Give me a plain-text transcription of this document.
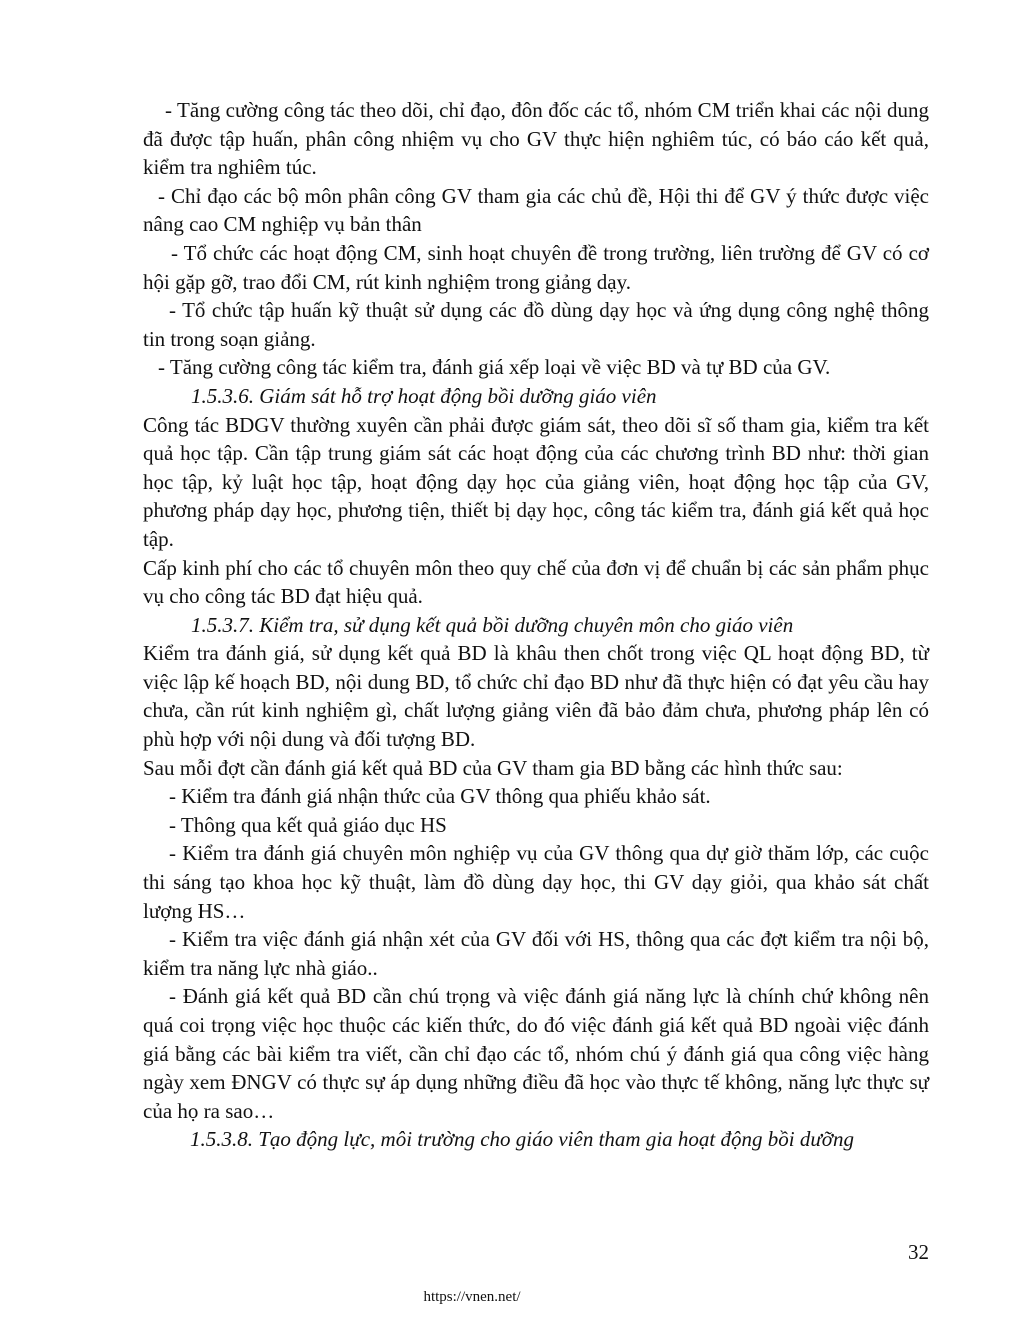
- Tăng cường công tác theo dõi, chỉ đạo, đôn đốc các tổ, nhóm CM triển khai các nội dung đã được tập huấn, phân công nhiệm vụ cho GV thực hiện nghiêm túc, có báo cáo kết quả, kiểm tra nghiêm túc.

- Chỉ đạo các bộ môn phân công GV tham gia các chủ đề, Hội thi để GV ý thức được việc nâng cao CM nghiệp vụ bản thân

- Tổ chức các hoạt động CM, sinh hoạt chuyên đề trong trường, liên trường để GV có cơ hội gặp gỡ, trao đổi CM, rút kinh nghiệm trong giảng dạy.

- Tổ chức tập huấn kỹ thuật sử dụng các đồ dùng dạy học và ứng dụng công nghệ thông tin trong soạn giảng.

- Tăng cường công tác kiểm tra, đánh giá xếp loại về việc BD và tự BD của GV.

1.5.3.6. Giám sát hỗ trợ hoạt động bồi dưỡng giáo viên

Công tác BDGV thường xuyên cần phải được giám sát, theo dõi sĩ số tham gia, kiểm tra kết quả học tập. Cần tập trung giám sát các hoạt động của các chương trình BD như: thời gian học tập, kỷ luật học tập, hoạt động dạy học của giảng viên, hoạt động học tập của GV, phương pháp dạy học, phương tiện, thiết bị dạy học, công tác kiểm tra, đánh giá kết quả học tập.

Cấp kinh phí cho các tổ chuyên môn theo quy chế của đơn vị để chuẩn bị các sản phẩm phục vụ cho công tác BD đạt hiệu quả.

1.5.3.7. Kiểm tra, sử dụng kết quả bồi dưỡng chuyên môn cho giáo viên

Kiểm tra đánh giá, sử dụng kết quả BD là khâu then chốt trong việc QL hoạt động BD, từ việc lập kế hoạch BD, nội dung BD, tổ chức chỉ đạo BD như đã thực hiện có đạt yêu cầu hay chưa, cần rút kinh nghiệm gì, chất lượng giảng viên đã bảo đảm chưa, phương pháp lên có phù hợp với nội dung và đối tượng BD.

Sau mỗi đợt cần đánh giá kết quả BD của GV tham gia BD bằng các hình thức sau:

- Kiểm tra đánh giá nhận thức của GV thông qua phiếu khảo sát.

- Thông qua kết quả giáo dục HS

- Kiểm tra đánh giá chuyên môn nghiệp vụ của GV thông qua dự giờ thăm lớp, các cuộc thi sáng tạo khoa học kỹ thuật, làm đồ dùng dạy học, thi GV dạy giỏi, qua khảo sát chất lượng HS…

- Kiểm tra việc đánh giá nhận xét của GV đối với HS, thông qua các đợt kiểm tra nội bộ, kiểm tra năng lực nhà giáo..

- Đánh giá kết quả BD cần chú trọng và việc đánh giá năng lực là chính chứ không nên quá coi trọng việc học thuộc các kiến thức, do đó việc đánh giá kết quả BD ngoài việc đánh giá bằng các bài kiểm tra viết, cần chỉ đạo các tổ, nhóm chú ý đánh giá qua công việc hàng ngày xem ĐNGV có thực sự áp dụng những điều đã học vào thực tế không, năng lực thực sự của họ ra sao…

1.5.3.8. Tạo động lực, môi trường cho giáo viên tham gia hoạt động bồi dưỡng

32
https://vnen.net/
